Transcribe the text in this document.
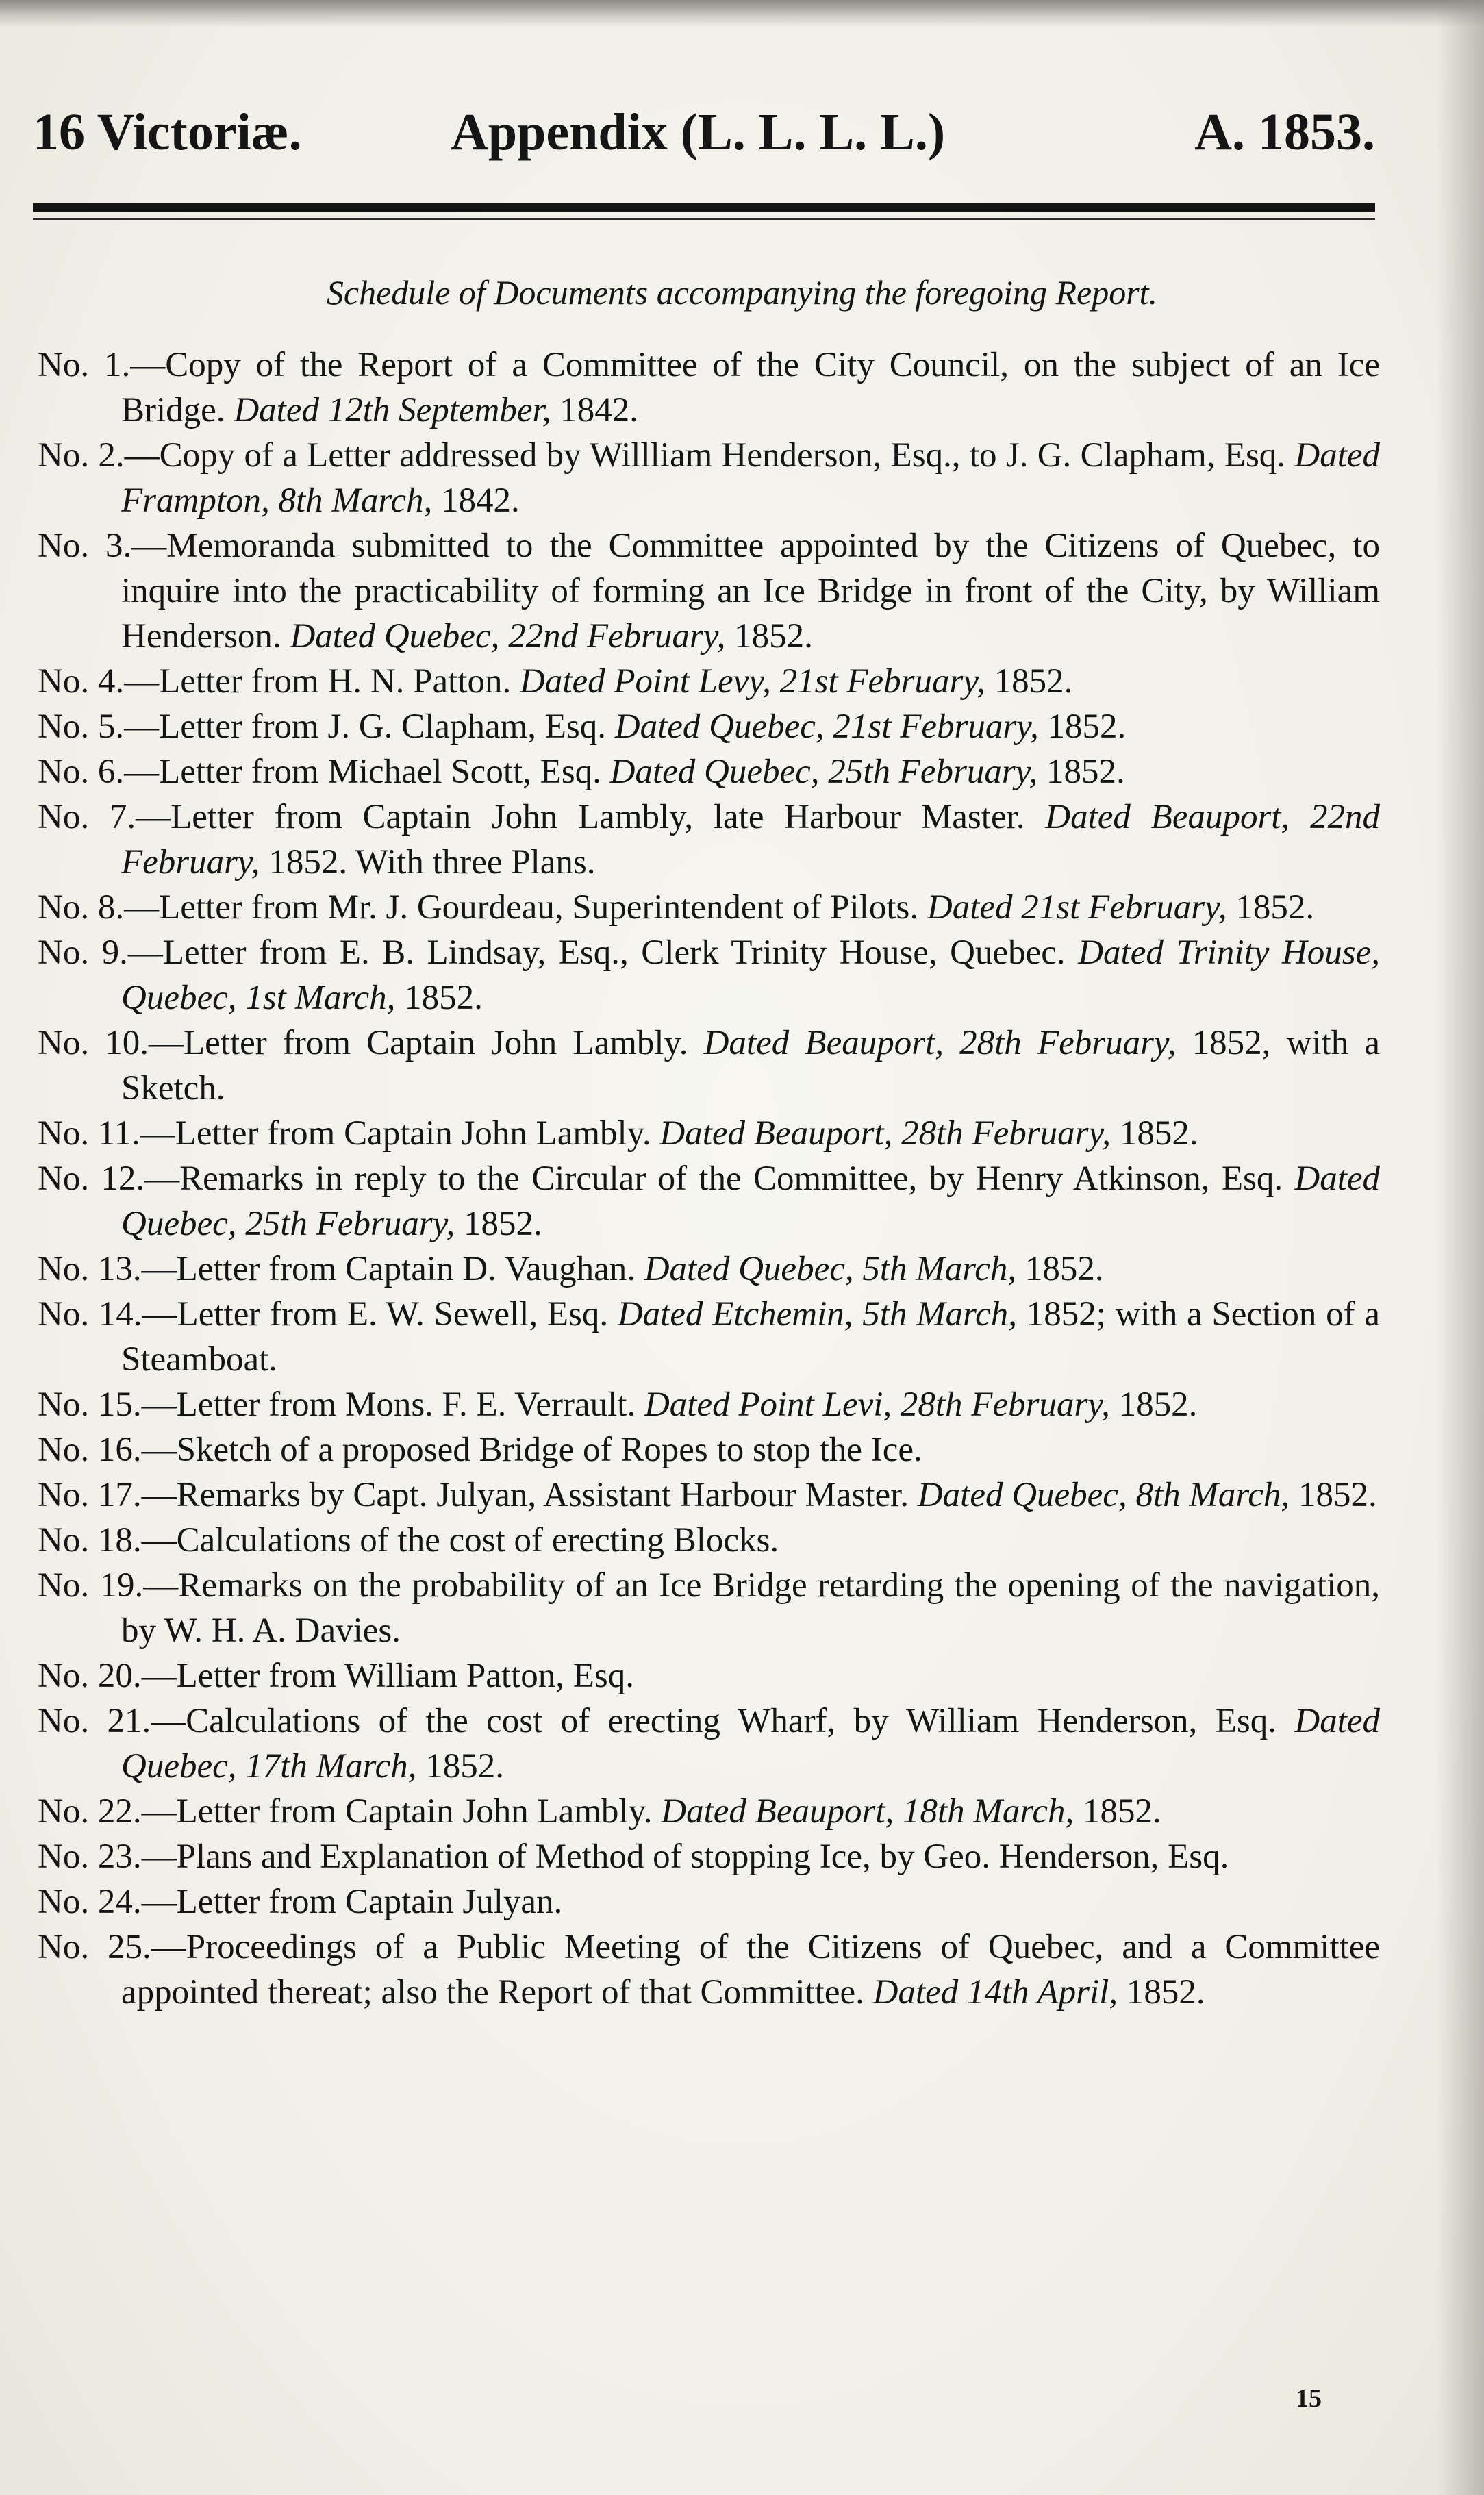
16 Victoriæ.	Appendix (L. L. L. L.)	A. 1853.
Schedule of Documents accompanying the foregoing Report.
No. 1.—Copy of the Report of a Committee of the City Council, on the subject of an Ice Bridge. Dated 12th September, 1842.
No. 2.—Copy of a Letter addressed by Willliam Henderson, Esq., to J. G. Clapham, Esq. Dated Frampton, 8th March, 1842.
No. 3.—Memoranda submitted to the Committee appointed by the Citizens of Quebec, to inquire into the practicability of forming an Ice Bridge in front of the City, by William Henderson. Dated Quebec, 22nd February, 1852.
No. 4.—Letter from H. N. Patton. Dated Point Levy, 21st February, 1852.
No. 5.—Letter from J. G. Clapham, Esq. Dated Quebec, 21st February, 1852.
No. 6.—Letter from Michael Scott, Esq. Dated Quebec, 25th February, 1852.
No. 7.—Letter from Captain John Lambly, late Harbour Master. Dated Beauport, 22nd February, 1852. With three Plans.
No. 8.—Letter from Mr. J. Gourdeau, Superintendent of Pilots. Dated 21st February, 1852.
No. 9.—Letter from E. B. Lindsay, Esq., Clerk Trinity House, Quebec. Dated Trinity House, Quebec, 1st March, 1852.
No. 10.—Letter from Captain John Lambly. Dated Beauport, 28th February, 1852, with a Sketch.
No. 11.—Letter from Captain John Lambly. Dated Beauport, 28th February, 1852.
No. 12.—Remarks in reply to the Circular of the Committee, by Henry Atkinson, Esq. Dated Quebec, 25th February, 1852.
No. 13.—Letter from Captain D. Vaughan. Dated Quebec, 5th March, 1852.
No. 14.—Letter from E. W. Sewell, Esq. Dated Etchemin, 5th March, 1852; with a Section of a Steamboat.
No. 15.—Letter from Mons. F. E. Verrault. Dated Point Levi, 28th February, 1852.
No. 16.—Sketch of a proposed Bridge of Ropes to stop the Ice.
No. 17.—Remarks by Capt. Julyan, Assistant Harbour Master. Dated Quebec, 8th March, 1852.
No. 18.—Calculations of the cost of erecting Blocks.
No. 19.—Remarks on the probability of an Ice Bridge retarding the opening of the navigation, by W. H. A. Davies.
No. 20.—Letter from William Patton, Esq.
No. 21.—Calculations of the cost of erecting Wharf, by William Henderson, Esq. Dated Quebec, 17th March, 1852.
No. 22.—Letter from Captain John Lambly. Dated Beauport, 18th March, 1852.
No. 23.—Plans and Explanation of Method of stopping Ice, by Geo. Henderson, Esq.
No. 24.—Letter from Captain Julyan.
No. 25.—Proceedings of a Public Meeting of the Citizens of Quebec, and a Committee appointed thereat; also the Report of that Committee. Dated 14th April, 1852.
15
